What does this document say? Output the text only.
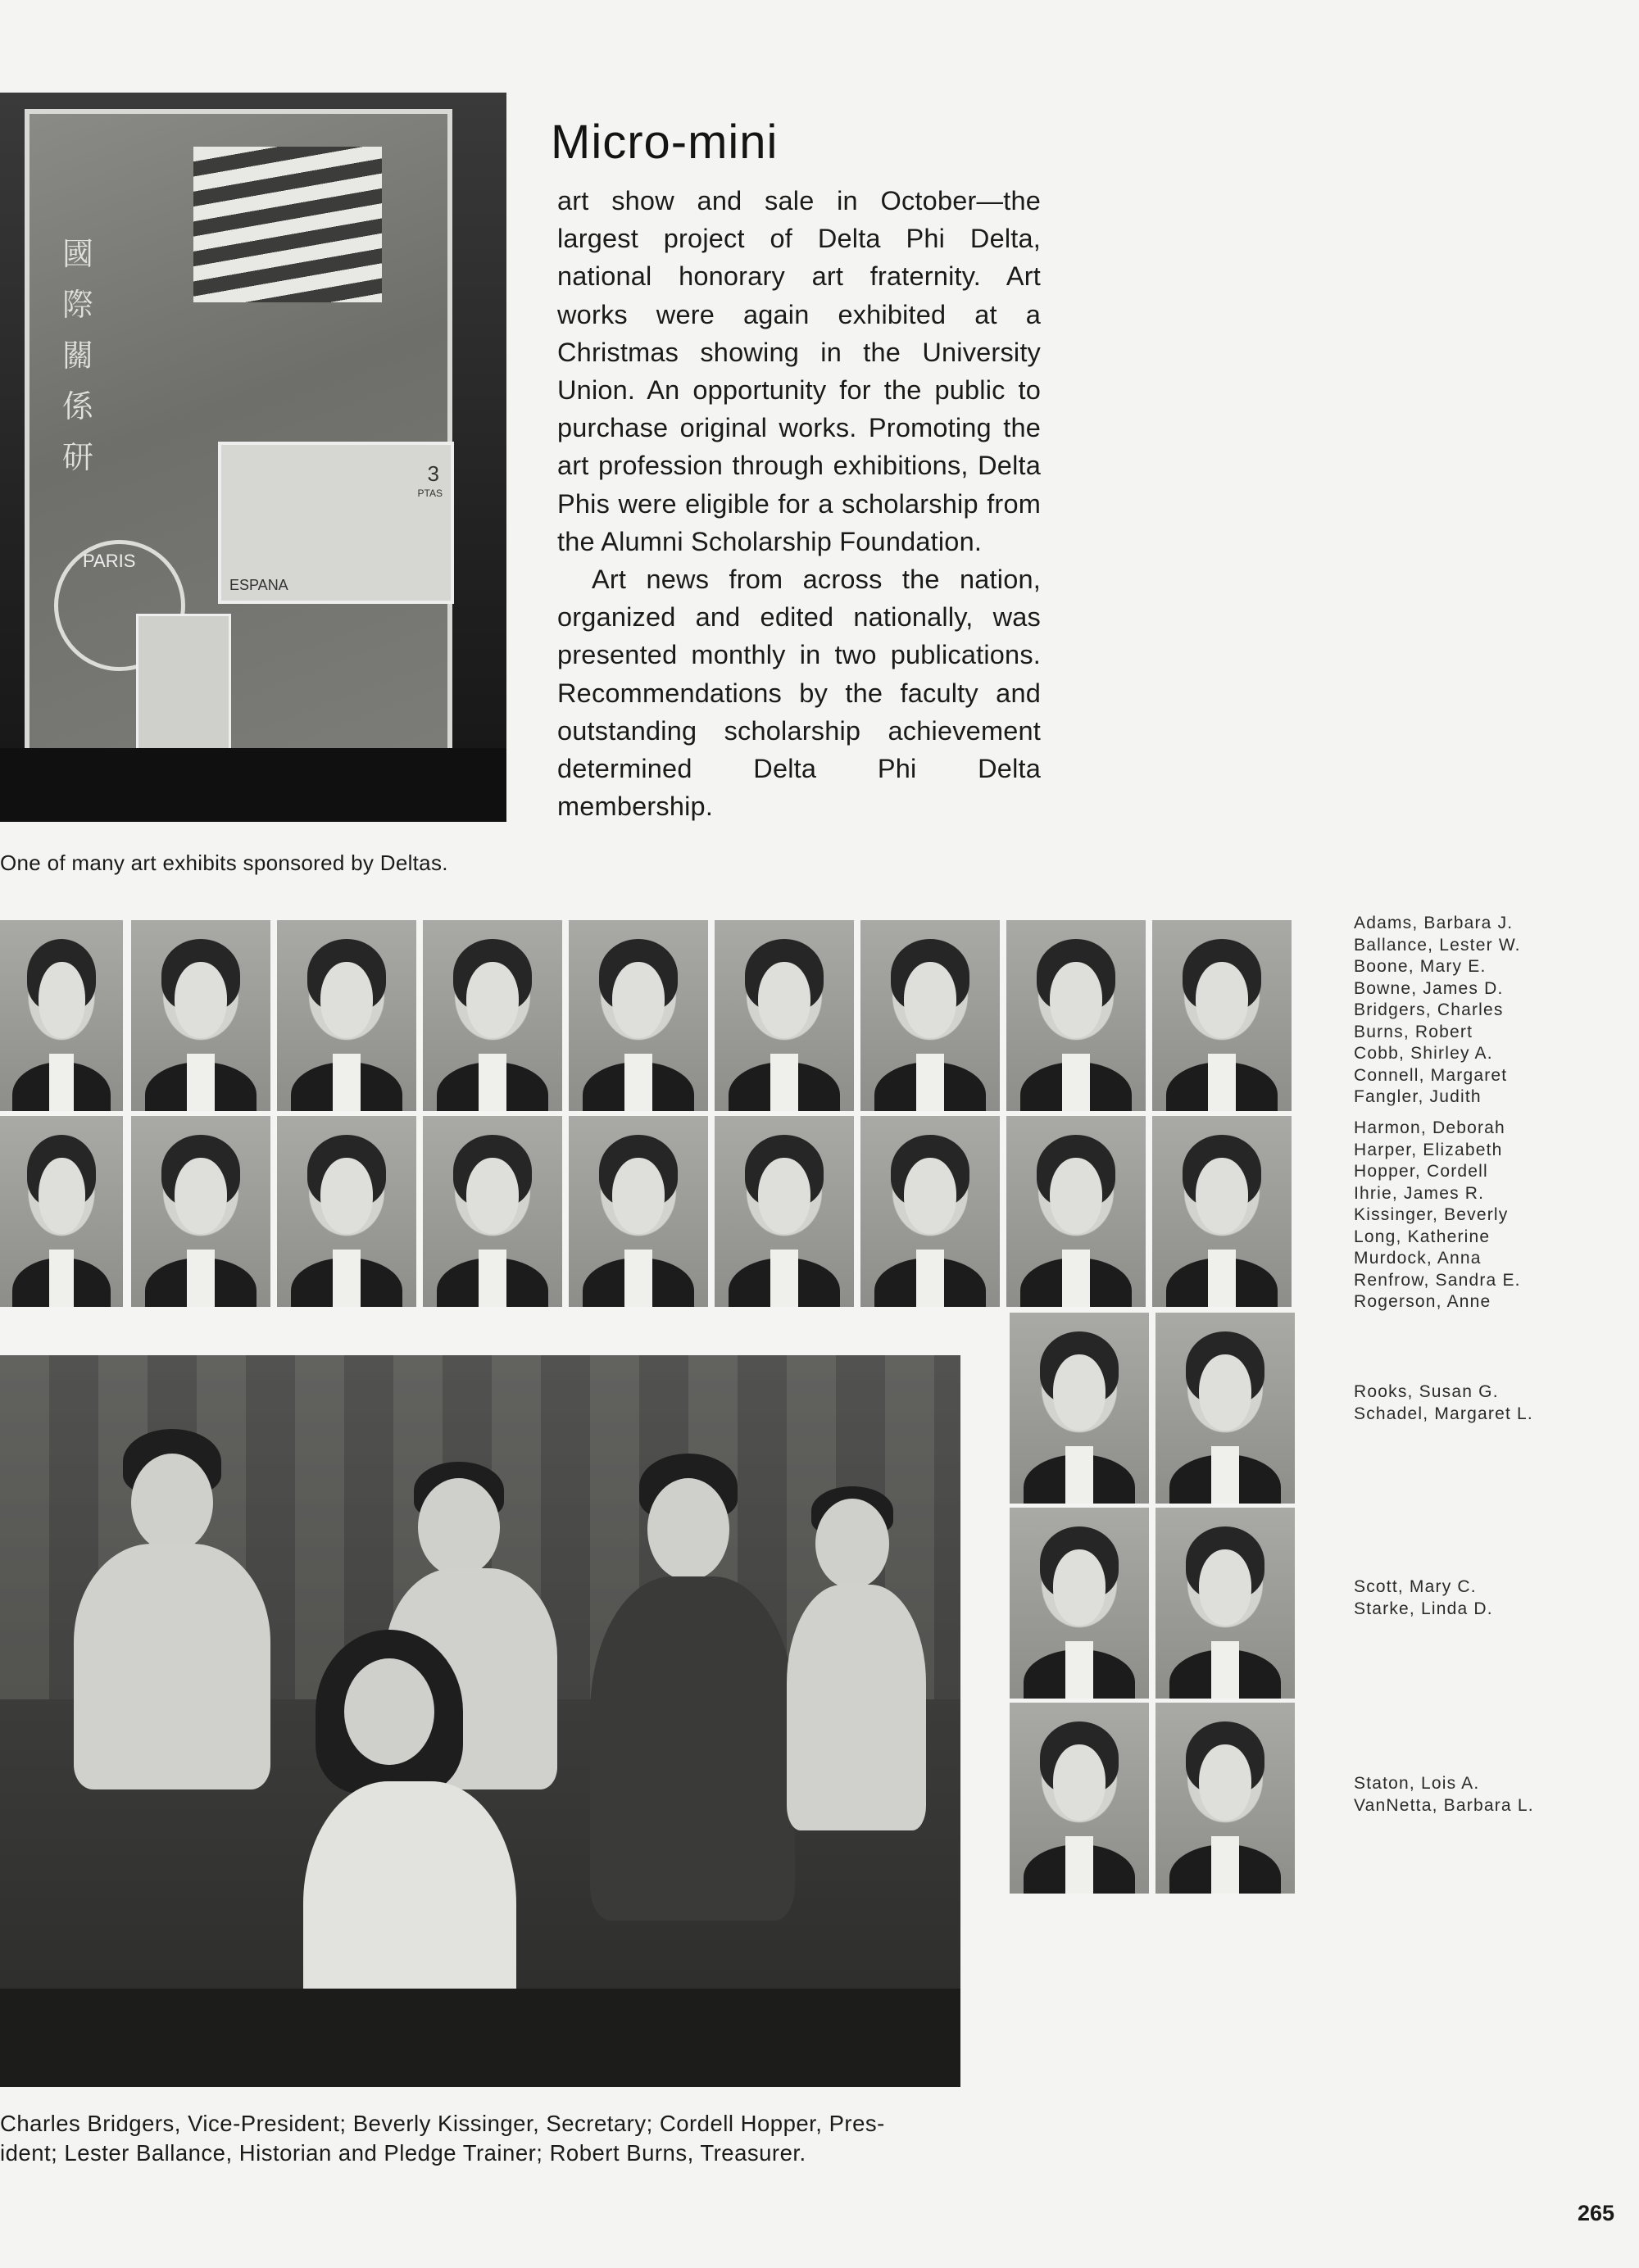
國
際
關
係
研
ESPANA
3
PTAS
PARIS
One of many art exhibits sponsored by Deltas.
Micro-mini

art show and sale in October—the largest project of Delta Phi Delta, national honorary art fraternity. Art works were again exhibited at a Christmas showing in the University Union. An opportunity for the public to purchase original works. Promoting the art profession through exhibitions, Delta Phis were eligible for a scholarship from the Alumni Scholarship Foundation.

Art news from across the nation, organized and edited nationally, was presented monthly in two publications. Recommendations by the faculty and outstanding scholarship achievement determined Delta Phi Delta membership.

Adams, Barbara J.
Ballance, Lester W.
Boone, Mary E.
Bowne, James D.
Bridgers, Charles
Burns, Robert
Cobb, Shirley A.
Connell, Margaret
Fangler, Judith
Harmon, Deborah
Harper, Elizabeth
Hopper, Cordell
Ihrie, James R.
Kissinger, Beverly
Long, Katherine
Murdock, Anna
Renfrow, Sandra E.
Rogerson, Anne
Rooks, Susan G.
Schadel, Margaret L.
Scott, Mary C.
Starke, Linda D.
Staton, Lois A.
VanNetta, Barbara L.
Charles Bridgers, Vice-President; Beverly Kissinger, Secretary; Cordell Hopper, Pres-
ident; Lester Ballance, Historian and Pledge Trainer; Robert Burns, Treasurer.
265
